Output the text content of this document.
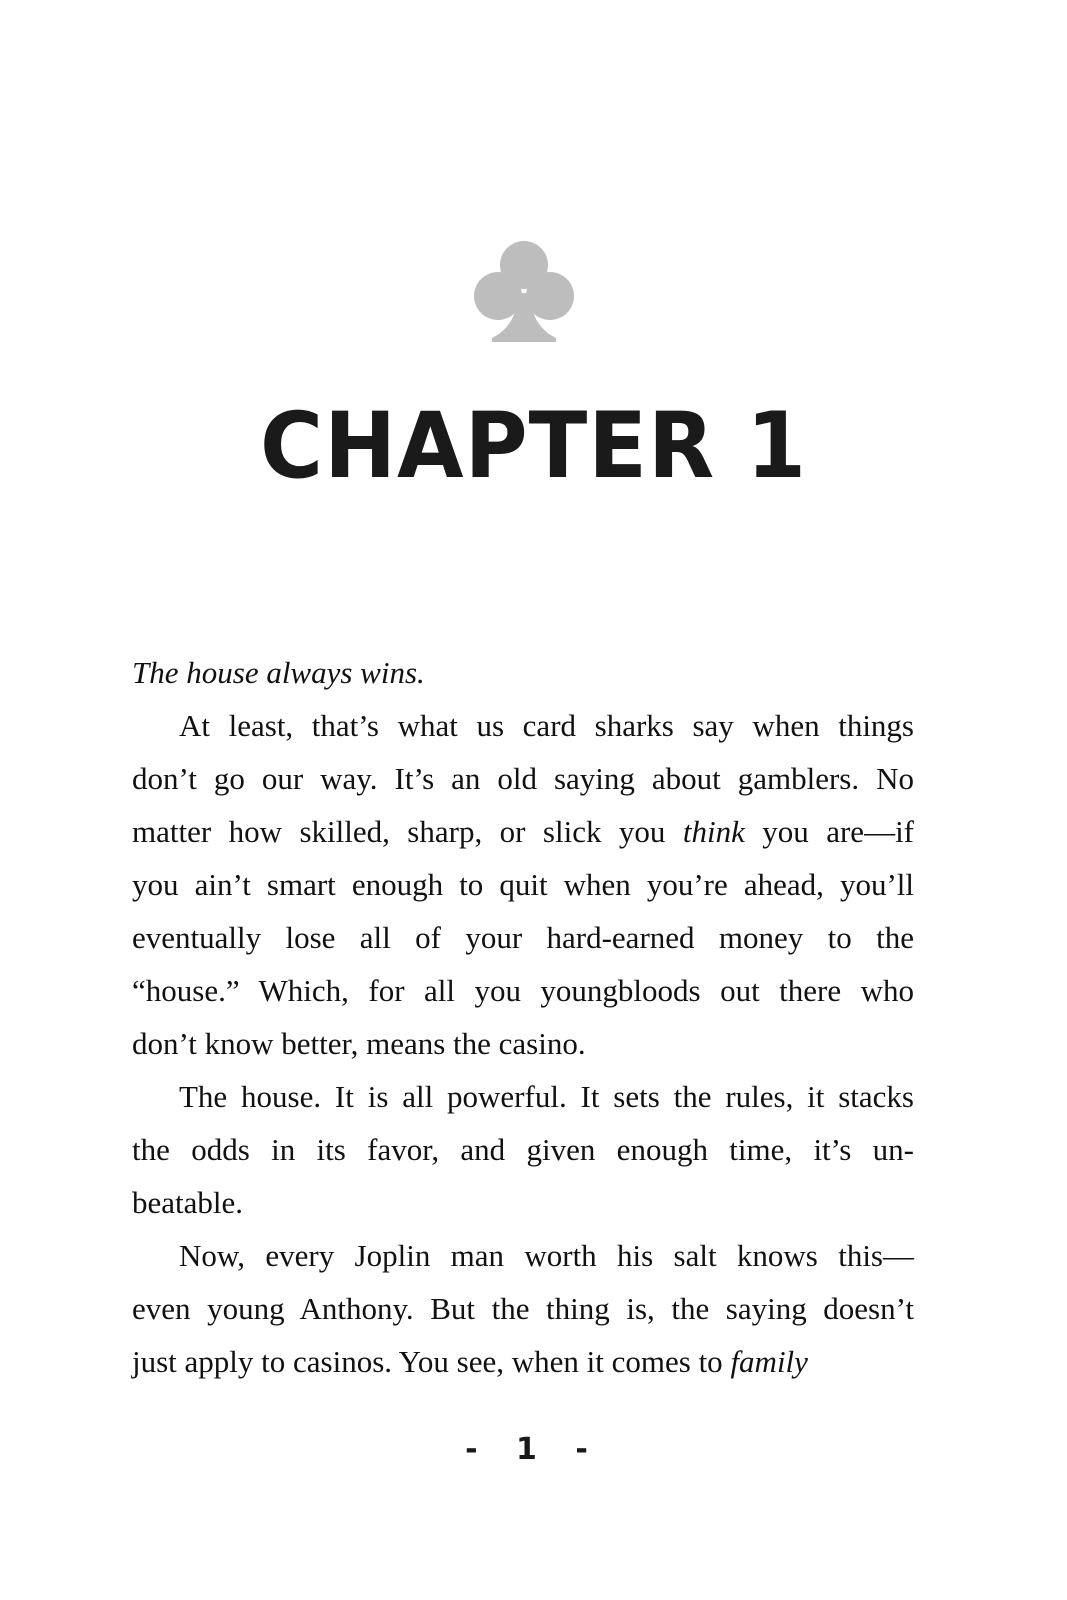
CHAPTER 1
The house always wins.
At least, that’s what us card sharks say when things
don’t go our way. It’s an old saying about gamblers. No
matter how skilled, sharp, or slick you think you are—if
you ain’t smart enough to quit when you’re ahead, you’ll
eventually lose all of your hard-earned money to the
“house.” Which, for all you youngbloods out there who
don’t know better, means the casino.
The house. It is all powerful. It sets the rules, it stacks
the odds in its favor, and given enough time, it’s un-
beatable.
Now, every Joplin man worth his salt knows this—
even young Anthony. But the thing is, the saying doesn’t
just apply to casinos. You see, when it comes to family
- 1 -
